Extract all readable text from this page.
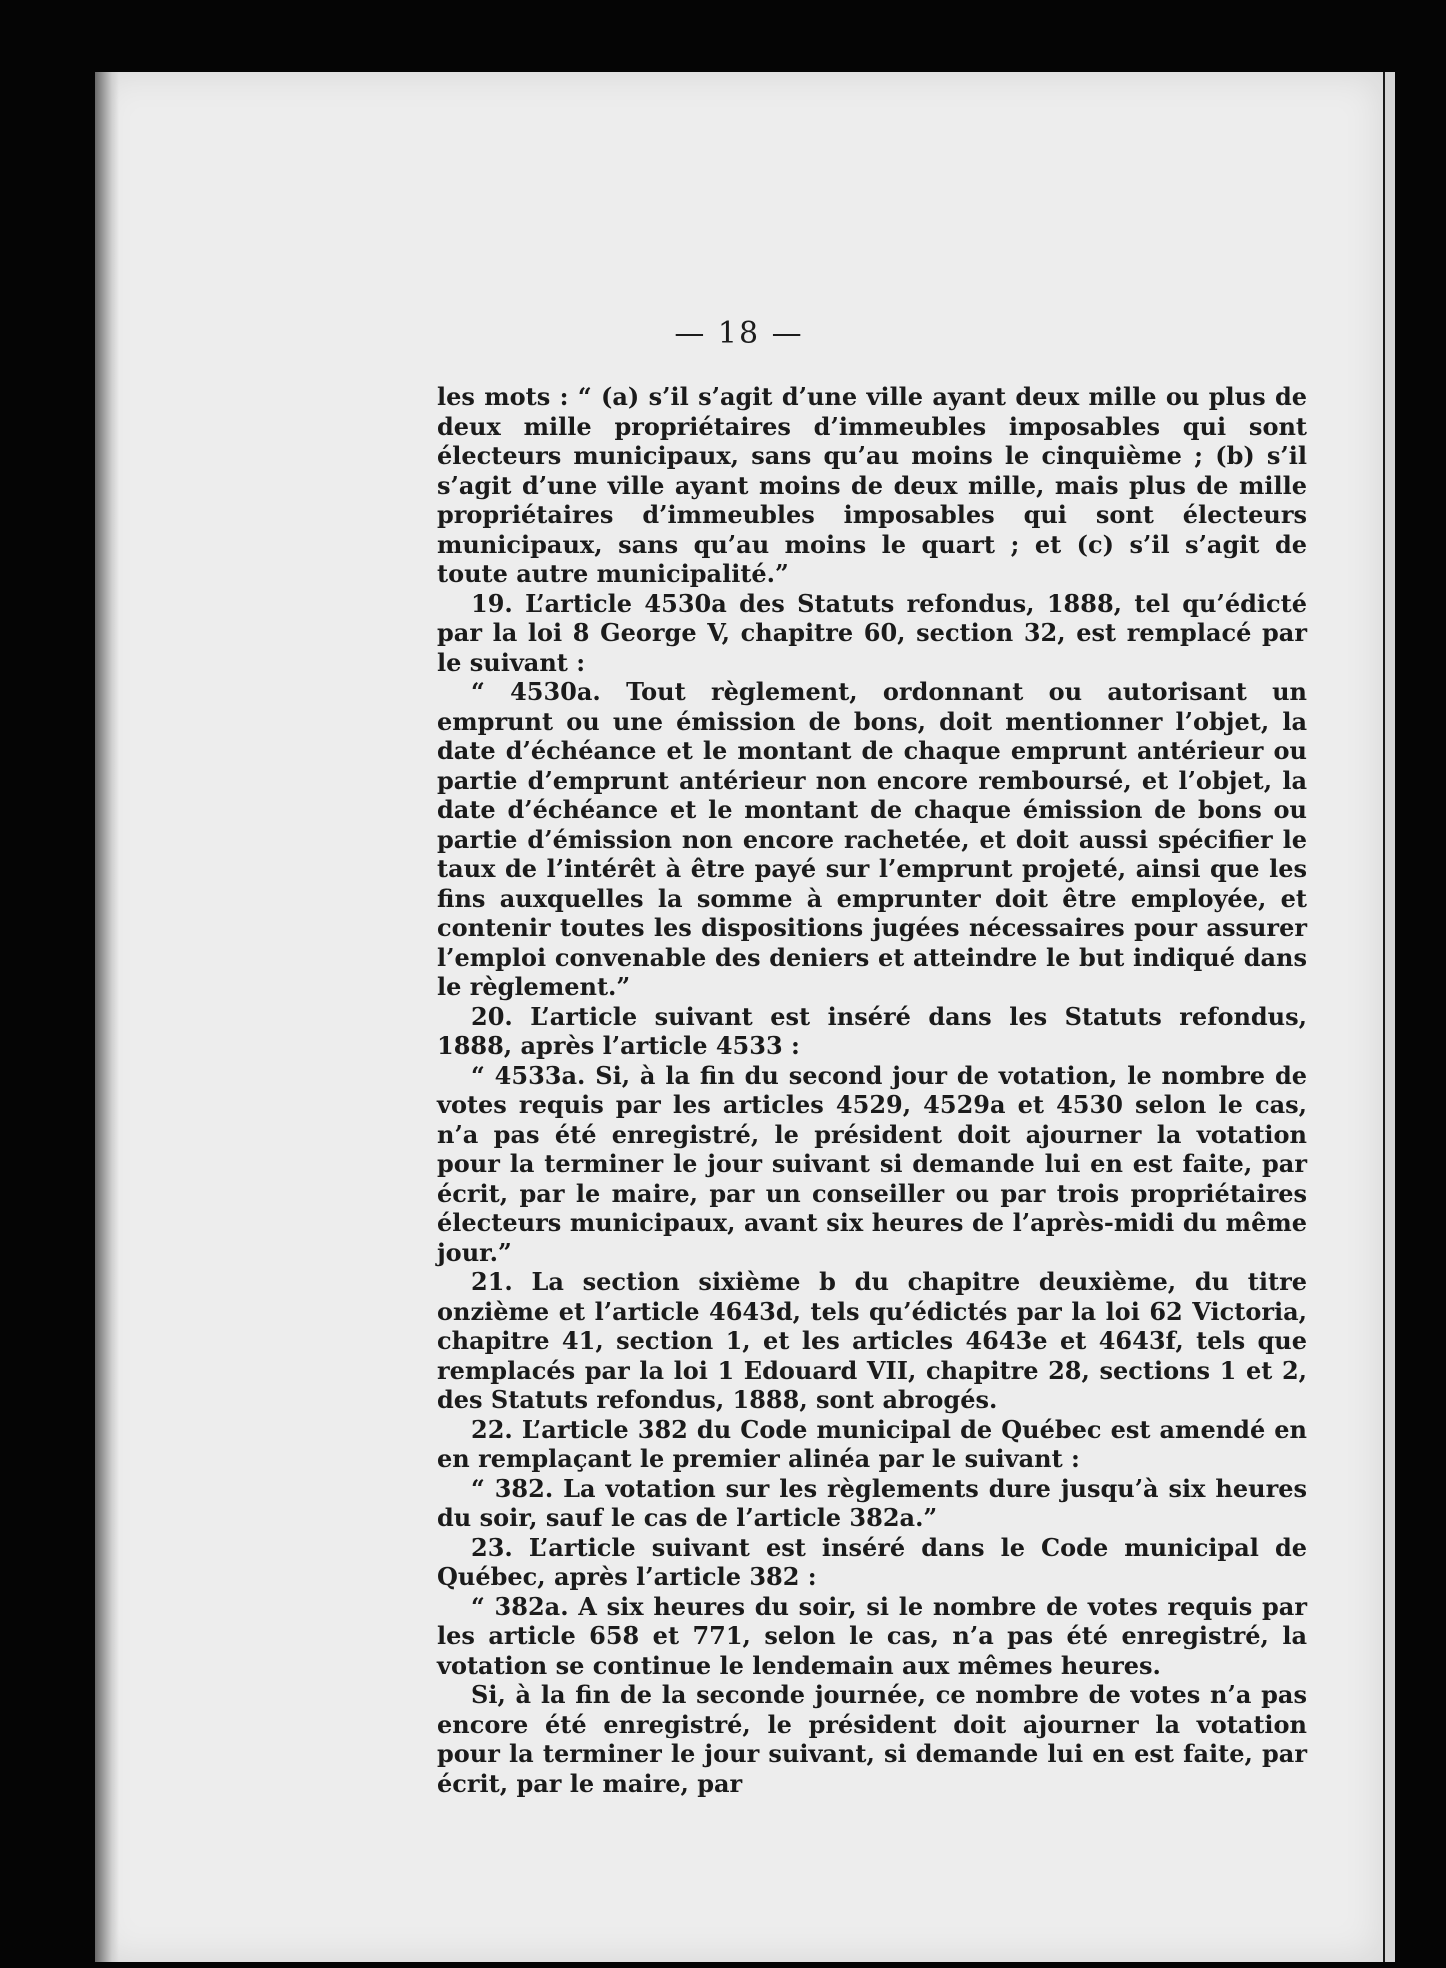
— 18 —

les mots : “ (a) s’il s’agit d’une ville ayant deux mille ou plus de deux mille propriétaires d’immeubles imposables qui sont électeurs municipaux, sans qu’au moins le cinquième ; (b) s’il s’agit d’une ville ayant moins de deux mille, mais plus de mille propriétaires d’immeubles imposables qui sont électeurs municipaux, sans qu’au moins le quart ; et (c) s’il s’agit de toute autre municipalité.”

19. L’article 4530a des Statuts refondus, 1888, tel qu’édicté par la loi 8 George V, chapitre 60, section 32, est remplacé par le suivant :

“ 4530a. Tout règlement, ordonnant ou autorisant un emprunt ou une émission de bons, doit mentionner l’objet, la date d’échéance et le montant de chaque emprunt antérieur ou partie d’emprunt antérieur non encore remboursé, et l’objet, la date d’échéance et le montant de chaque émission de bons ou partie d’émission non encore rachetée, et doit aussi spécifier le taux de l’intérêt à être payé sur l’emprunt projeté, ainsi que les fins auxquelles la somme à emprunter doit être employée, et contenir toutes les dispositions jugées nécessaires pour assurer l’emploi convenable des deniers et atteindre le but indiqué dans le règlement.”

20. L’article suivant est inséré dans les Statuts refondus, 1888, après l’article 4533 :

“ 4533a. Si, à la fin du second jour de votation, le nombre de votes requis par les articles 4529, 4529a et 4530 selon le cas, n’a pas été enregistré, le président doit ajourner la votation pour la terminer le jour suivant si demande lui en est faite, par écrit, par le maire, par un conseiller ou par trois propriétaires électeurs municipaux, avant six heures de l’après-midi du même jour.”

21. La section sixième b du chapitre deuxième, du titre onzième et l’article 4643d, tels qu’édictés par la loi 62 Victoria, chapitre 41, section 1, et les articles 4643e et 4643f, tels que remplacés par la loi 1 Edouard VII, chapitre 28, sections 1 et 2, des Statuts refondus, 1888, sont abrogés.

22. L’article 382 du Code municipal de Québec est amendé en en remplaçant le premier alinéa par le suivant :

“ 382. La votation sur les règlements dure jusqu’à six heures du soir, sauf le cas de l’article 382a.”

23. L’article suivant est inséré dans le Code municipal de Québec, après l’article 382 :

“ 382a. A six heures du soir, si le nombre de votes requis par les article 658 et 771, selon le cas, n’a pas été enregistré, la votation se continue le lendemain aux mêmes heures.

Si, à la fin de la seconde journée, ce nombre de votes n’a pas encore été enregistré, le président doit ajourner la votation pour la terminer le jour suivant, si demande lui en est faite, par écrit, par le maire, par
